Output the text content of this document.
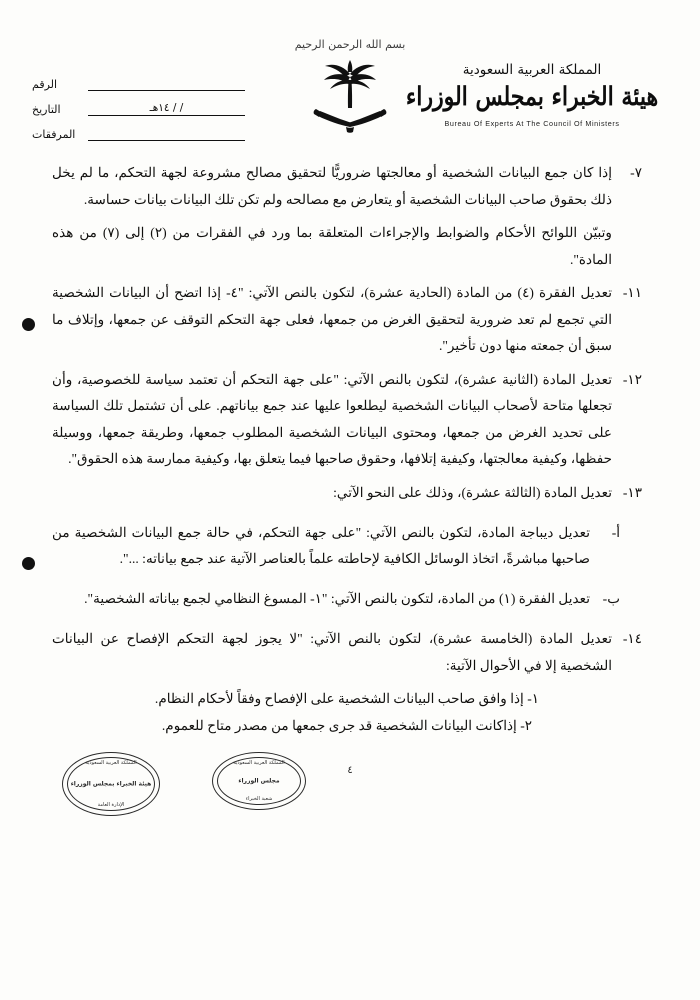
بسم الله الرحمن الرحيم
المملكة العربية السعودية
هيئة الخبراء بمجلس الوزراء
Bureau Of Experts At The Council Of Ministers
الرقم
التاريخ	/ / ١٤هـ
المرفقات
٧-

إذا كان جمع البيانات الشخصية أو معالجتها ضروريًّا لتحقيق مصالح مشروعة لجهة التحكم، ما لم يخل ذلك بحقوق صاحب البيانات الشخصية أو يتعارض مع مصالحه ولم تكن تلك البيانات بيانات حساسة.

وتبيّن اللوائح الأحكام والضوابط والإجراءات المتعلقة بما ورد في الفقرات من (٢) إلى (٧) من هذه المادة".
١١-

تعديل الفقرة (٤) من المادة (الحادية عشرة)، لتكون بالنص الآتي: "٤- إذا اتضح أن البيانات الشخصية التي تجمع لم تعد ضرورية لتحقيق الغرض من جمعها، فعلى جهة التحكم التوقف عن جمعها، وإتلاف ما سبق أن جمعته منها دون تأخير".

١٢-

تعديل المادة (الثانية عشرة)، لتكون بالنص الآتي: "على جهة التحكم أن تعتمد سياسة للخصوصية، وأن تجعلها متاحة لأصحاب البيانات الشخصية ليطلعوا عليها عند جمع بياناتهم. على أن تشتمل تلك السياسة على تحديد الغرض من جمعها، ومحتوى البيانات الشخصية المطلوب جمعها، وطريقة جمعها، ووسيلة حفظها، وكيفية معالجتها، وكيفية إتلافها، وحقوق صاحبها فيما يتعلق بها، وكيفية ممارسة هذه الحقوق".

١٣-

تعديل المادة (الثالثة عشرة)، وذلك على النحو الآتي:

أ-

تعديل ديباجة المادة، لتكون بالنص الآتي: "على جهة التحكم، في حالة جمع البيانات الشخصية من صاحبها مباشرةً، اتخاذ الوسائل الكافية لإحاطته علماً بالعناصر الآتية عند جمع بياناته: ...".

ب-

تعديل الفقرة (١) من المادة، لتكون بالنص الآتي: "١- المسوغ النظامي لجمع بياناته الشخصية".

١٤-

تعديل المادة (الخامسة عشرة)، لتكون بالنص الآتي: "لا يجوز لجهة التحكم الإفصاح عن البيانات الشخصية إلا في الأحوال الآتية:

١- إذا وافق صاحب البيانات الشخصية على الإفصاح وفقاً لأحكام النظام.
٢- إذاكانت البيانات الشخصية قد جرى جمعها من مصدر متاح للعموم.
المملكة العربية السعودية
هيئة الخبراء بمجلس الوزراء
الإدارة العامة
المملكة العربية السعودية
مجلس الوزراء
شعبة الخبراء
٤
